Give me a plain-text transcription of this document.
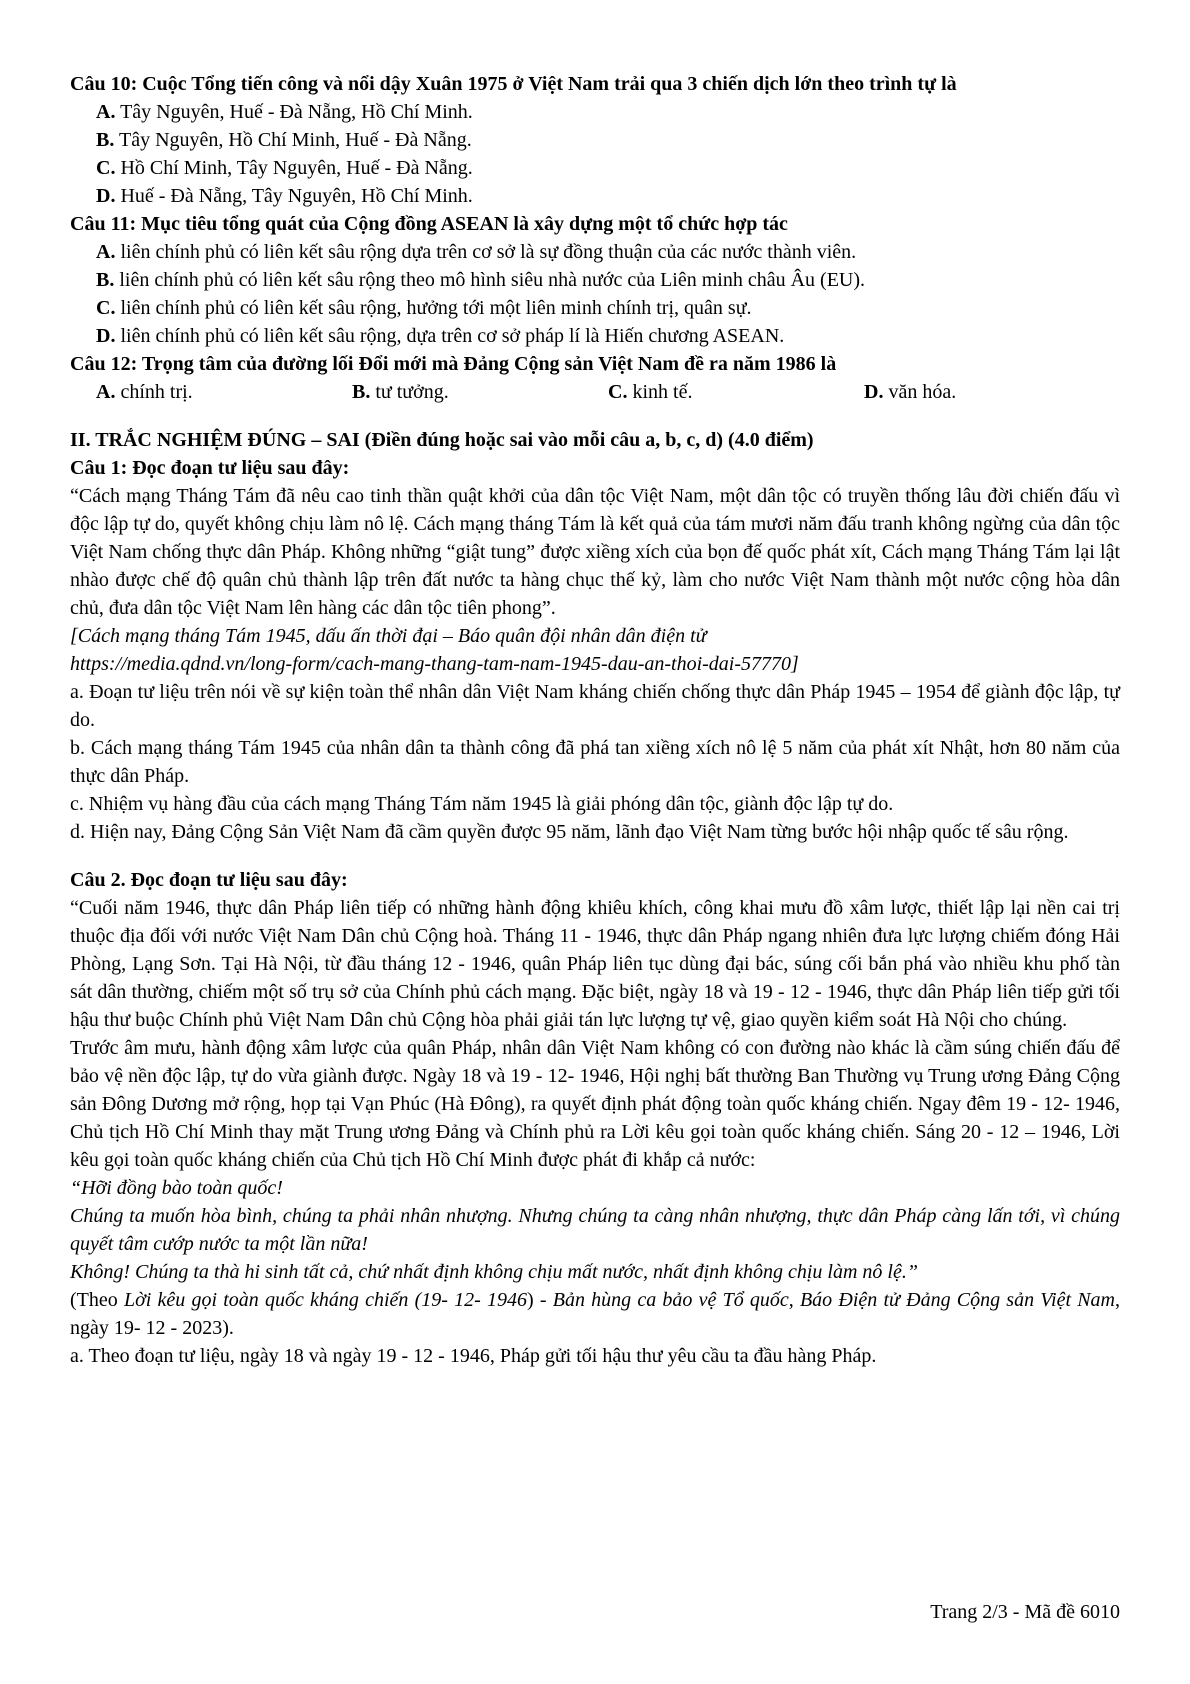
Câu 10: Cuộc Tổng tiến công và nổi dậy Xuân 1975 ở Việt Nam trải qua 3 chiến dịch lớn theo trình tự là
A. Tây Nguyên, Huế - Đà Nẵng, Hồ Chí Minh.
B. Tây Nguyên, Hồ Chí Minh, Huế - Đà Nẵng.
C. Hồ Chí Minh, Tây Nguyên, Huế - Đà Nẵng.
D. Huế - Đà Nẵng, Tây Nguyên, Hồ Chí Minh.
Câu 11: Mục tiêu tổng quát của Cộng đồng ASEAN là xây dựng một tổ chức hợp tác
A. liên chính phủ có liên kết sâu rộng dựa trên cơ sở là sự đồng thuận của các nước thành viên.
B. liên chính phủ có liên kết sâu rộng theo mô hình siêu nhà nước của Liên minh châu Âu (EU).
C. liên chính phủ có liên kết sâu rộng, hưởng tới một liên minh chính trị, quân sự.
D. liên chính phủ có liên kết sâu rộng, dựa trên cơ sở pháp lí là Hiến chương ASEAN.
Câu 12: Trọng tâm của đường lối Đổi mới mà Đảng Cộng sản Việt Nam đề ra năm 1986 là
A. chính trị.	B. tư tưởng.	C. kinh tế.	D. văn hóa.
II. TRẮC NGHIỆM ĐÚNG – SAI (Điền đúng hoặc sai vào mỗi câu a, b, c, d) (4.0 điểm)
Câu 1: Đọc đoạn tư liệu sau đây:
“Cách mạng Tháng Tám đã nêu cao tinh thần quật khởi của dân tộc Việt Nam, một dân tộc có truyền thống lâu đời chiến đấu vì độc lập tự do, quyết không chịu làm nô lệ. Cách mạng tháng Tám là kết quả của tám mươi năm đấu tranh không ngừng của dân tộc Việt Nam chống thực dân Pháp. Không những “giật tung” được xiềng xích của bọn đế quốc phát xít, Cách mạng Tháng Tám lại lật nhào được chế độ quân chủ thành lập trên đất nước ta hàng chục thế kỷ, làm cho nước Việt Nam thành một nước cộng hòa dân chủ, đưa dân tộc Việt Nam lên hàng các dân tộc tiên phong”.
[Cách mạng tháng Tám 1945, dấu ấn thời đại – Báo quân đội nhân dân điện tử
https://media.qdnd.vn/long-form/cach-mang-thang-tam-nam-1945-dau-an-thoi-dai-57770]
a. Đoạn tư liệu trên nói về sự kiện toàn thể nhân dân Việt Nam kháng chiến chống thực dân Pháp 1945 – 1954 để giành độc lập, tự do.
b. Cách mạng tháng Tám 1945 của nhân dân ta thành công đã phá tan xiềng xích nô lệ 5 năm của phát xít Nhật, hơn 80 năm của thực dân Pháp.
c. Nhiệm vụ hàng đầu của cách mạng Tháng Tám năm 1945 là giải phóng dân tộc, giành độc lập tự do.
d. Hiện nay, Đảng Cộng Sản Việt Nam đã cầm quyền được 95 năm, lãnh đạo Việt Nam từng bước hội nhập quốc tế sâu rộng.
Câu 2. Đọc đoạn tư liệu sau đây:
“Cuối năm 1946, thực dân Pháp liên tiếp có những hành động khiêu khích, công khai mưu đồ xâm lược, thiết lập lại nền cai trị thuộc địa đối với nước Việt Nam Dân chủ Cộng hoà. Tháng 11 - 1946, thực dân Pháp ngang nhiên đưa lực lượng chiếm đóng Hải Phòng, Lạng Sơn. Tại Hà Nội, từ đầu tháng 12 - 1946, quân Pháp liên tục dùng đại bác, súng cối bắn phá vào nhiều khu phố tàn sát dân thường, chiếm một số trụ sở của Chính phủ cách mạng. Đặc biệt, ngày 18 và 19 - 12 - 1946, thực dân Pháp liên tiếp gửi tối hậu thư buộc Chính phủ Việt Nam Dân chủ Cộng hòa phải giải tán lực lượng tự vệ, giao quyền kiểm soát Hà Nội cho chúng.
Trước âm mưu, hành động xâm lược của quân Pháp, nhân dân Việt Nam không có con đường nào khác là cầm súng chiến đấu để bảo vệ nền độc lập, tự do vừa giành được. Ngày 18 và 19 - 12- 1946, Hội nghị bất thường Ban Thường vụ Trung ương Đảng Cộng sản Đông Dương mở rộng, họp tại Vạn Phúc (Hà Đông), ra quyết định phát động toàn quốc kháng chiến. Ngay đêm 19 - 12- 1946, Chủ tịch Hồ Chí Minh thay mặt Trung ương Đảng và Chính phủ ra Lời kêu gọi toàn quốc kháng chiến. Sáng 20 - 12 – 1946, Lời kêu gọi toàn quốc kháng chiến của Chủ tịch Hồ Chí Minh được phát đi khắp cả nước:
“Hỡi đồng bào toàn quốc!
Chúng ta muốn hòa bình, chúng ta phải nhân nhượng. Nhưng chúng ta càng nhân nhượng, thực dân Pháp càng lấn tới, vì chúng quyết tâm cướp nước ta một lần nữa!
Không! Chúng ta thà hi sinh tất cả, chứ nhất định không chịu mất nước, nhất định không chịu làm nô lệ.”
(Theo Lời kêu gọi toàn quốc kháng chiến (19- 12- 1946) - Bản hùng ca bảo vệ Tổ quốc, Báo Điện tử Đảng Cộng sản Việt Nam, ngày 19- 12 - 2023).
a. Theo đoạn tư liệu, ngày 18 và ngày 19 - 12 - 1946, Pháp gửi tối hậu thư yêu cầu ta đầu hàng Pháp.
Trang 2/3 - Mã đề 6010
